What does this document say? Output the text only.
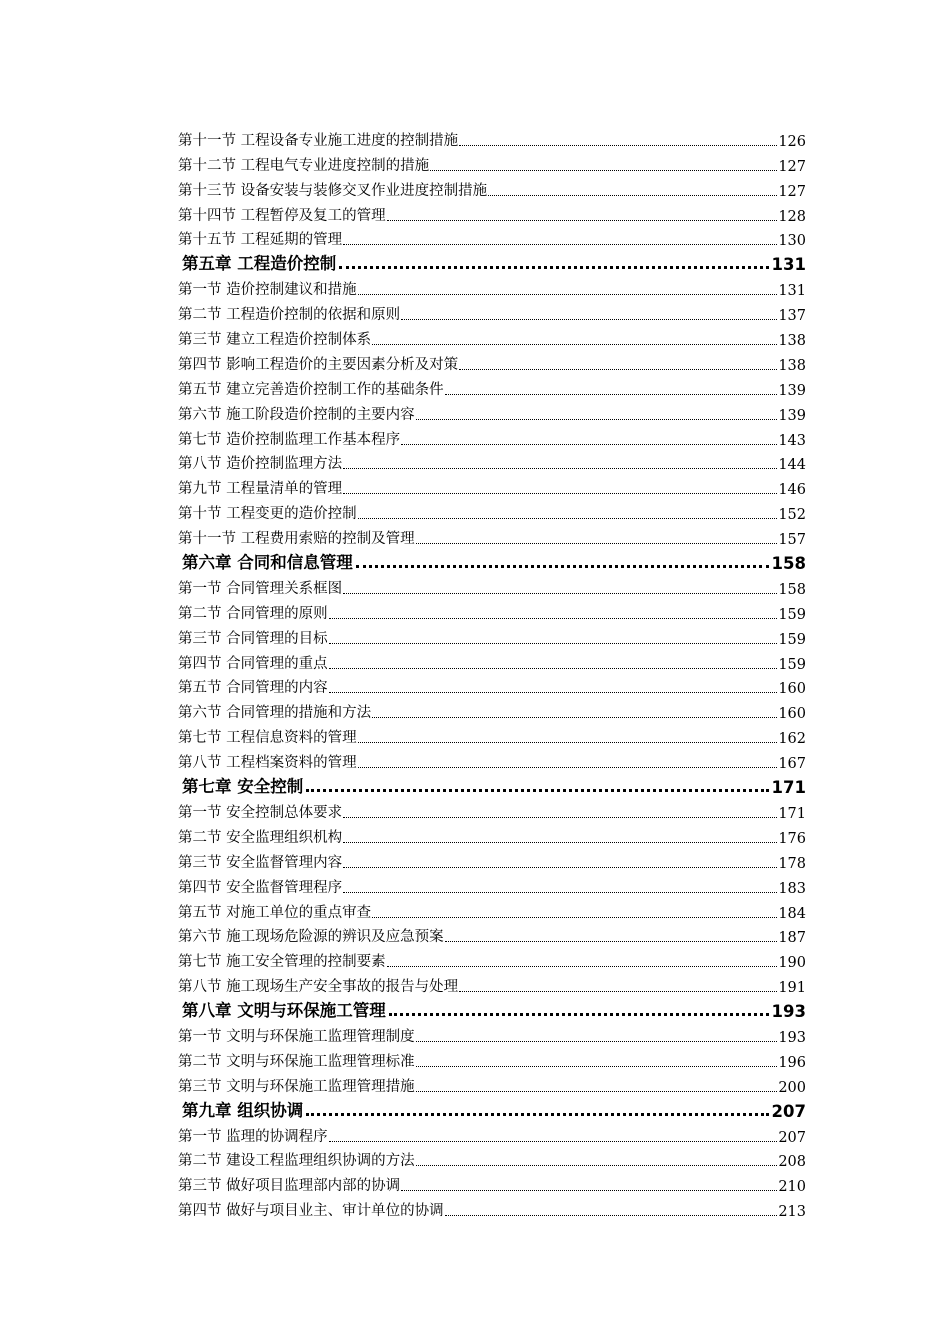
第十一节 工程设备专业施工进度的控制措施	126
第十二节 工程电气专业进度控制的措施	127
第十三节 设备安装与装修交叉作业进度控制措施	127
第十四节 工程暂停及复工的管理	128
第十五节 工程延期的管理	130
第五章 工程造价控制	131
第一节 造价控制建议和措施	131
第二节 工程造价控制的依据和原则	137
第三节 建立工程造价控制体系	138
第四节 影响工程造价的主要因素分析及对策	138
第五节 建立完善造价控制工作的基础条件	139
第六节 施工阶段造价控制的主要内容	139
第七节 造价控制监理工作基本程序	143
第八节 造价控制监理方法	144
第九节 工程量清单的管理	146
第十节 工程变更的造价控制	152
第十一节 工程费用索赔的控制及管理	157
第六章 合同和信息管理	158
第一节 合同管理关系框图	158
第二节 合同管理的原则	159
第三节 合同管理的目标	159
第四节 合同管理的重点	159
第五节 合同管理的内容	160
第六节 合同管理的措施和方法	160
第七节 工程信息资料的管理	162
第八节 工程档案资料的管理	167
第七章 安全控制	171
第一节 安全控制总体要求	171
第二节 安全监理组织机构	176
第三节 安全监督管理内容	178
第四节 安全监督管理程序	183
第五节 对施工单位的重点审查	184
第六节 施工现场危险源的辨识及应急预案	187
第七节 施工安全管理的控制要素	190
第八节 施工现场生产安全事故的报告与处理	191
第八章 文明与环保施工管理	193
第一节 文明与环保施工监理管理制度	193
第二节 文明与环保施工监理管理标准	196
第三节 文明与环保施工监理管理措施	200
第九章 组织协调	207
第一节 监理的协调程序	207
第二节 建设工程监理组织协调的方法	208
第三节 做好项目监理部内部的协调	210
第四节 做好与项目业主、审计单位的协调	213
